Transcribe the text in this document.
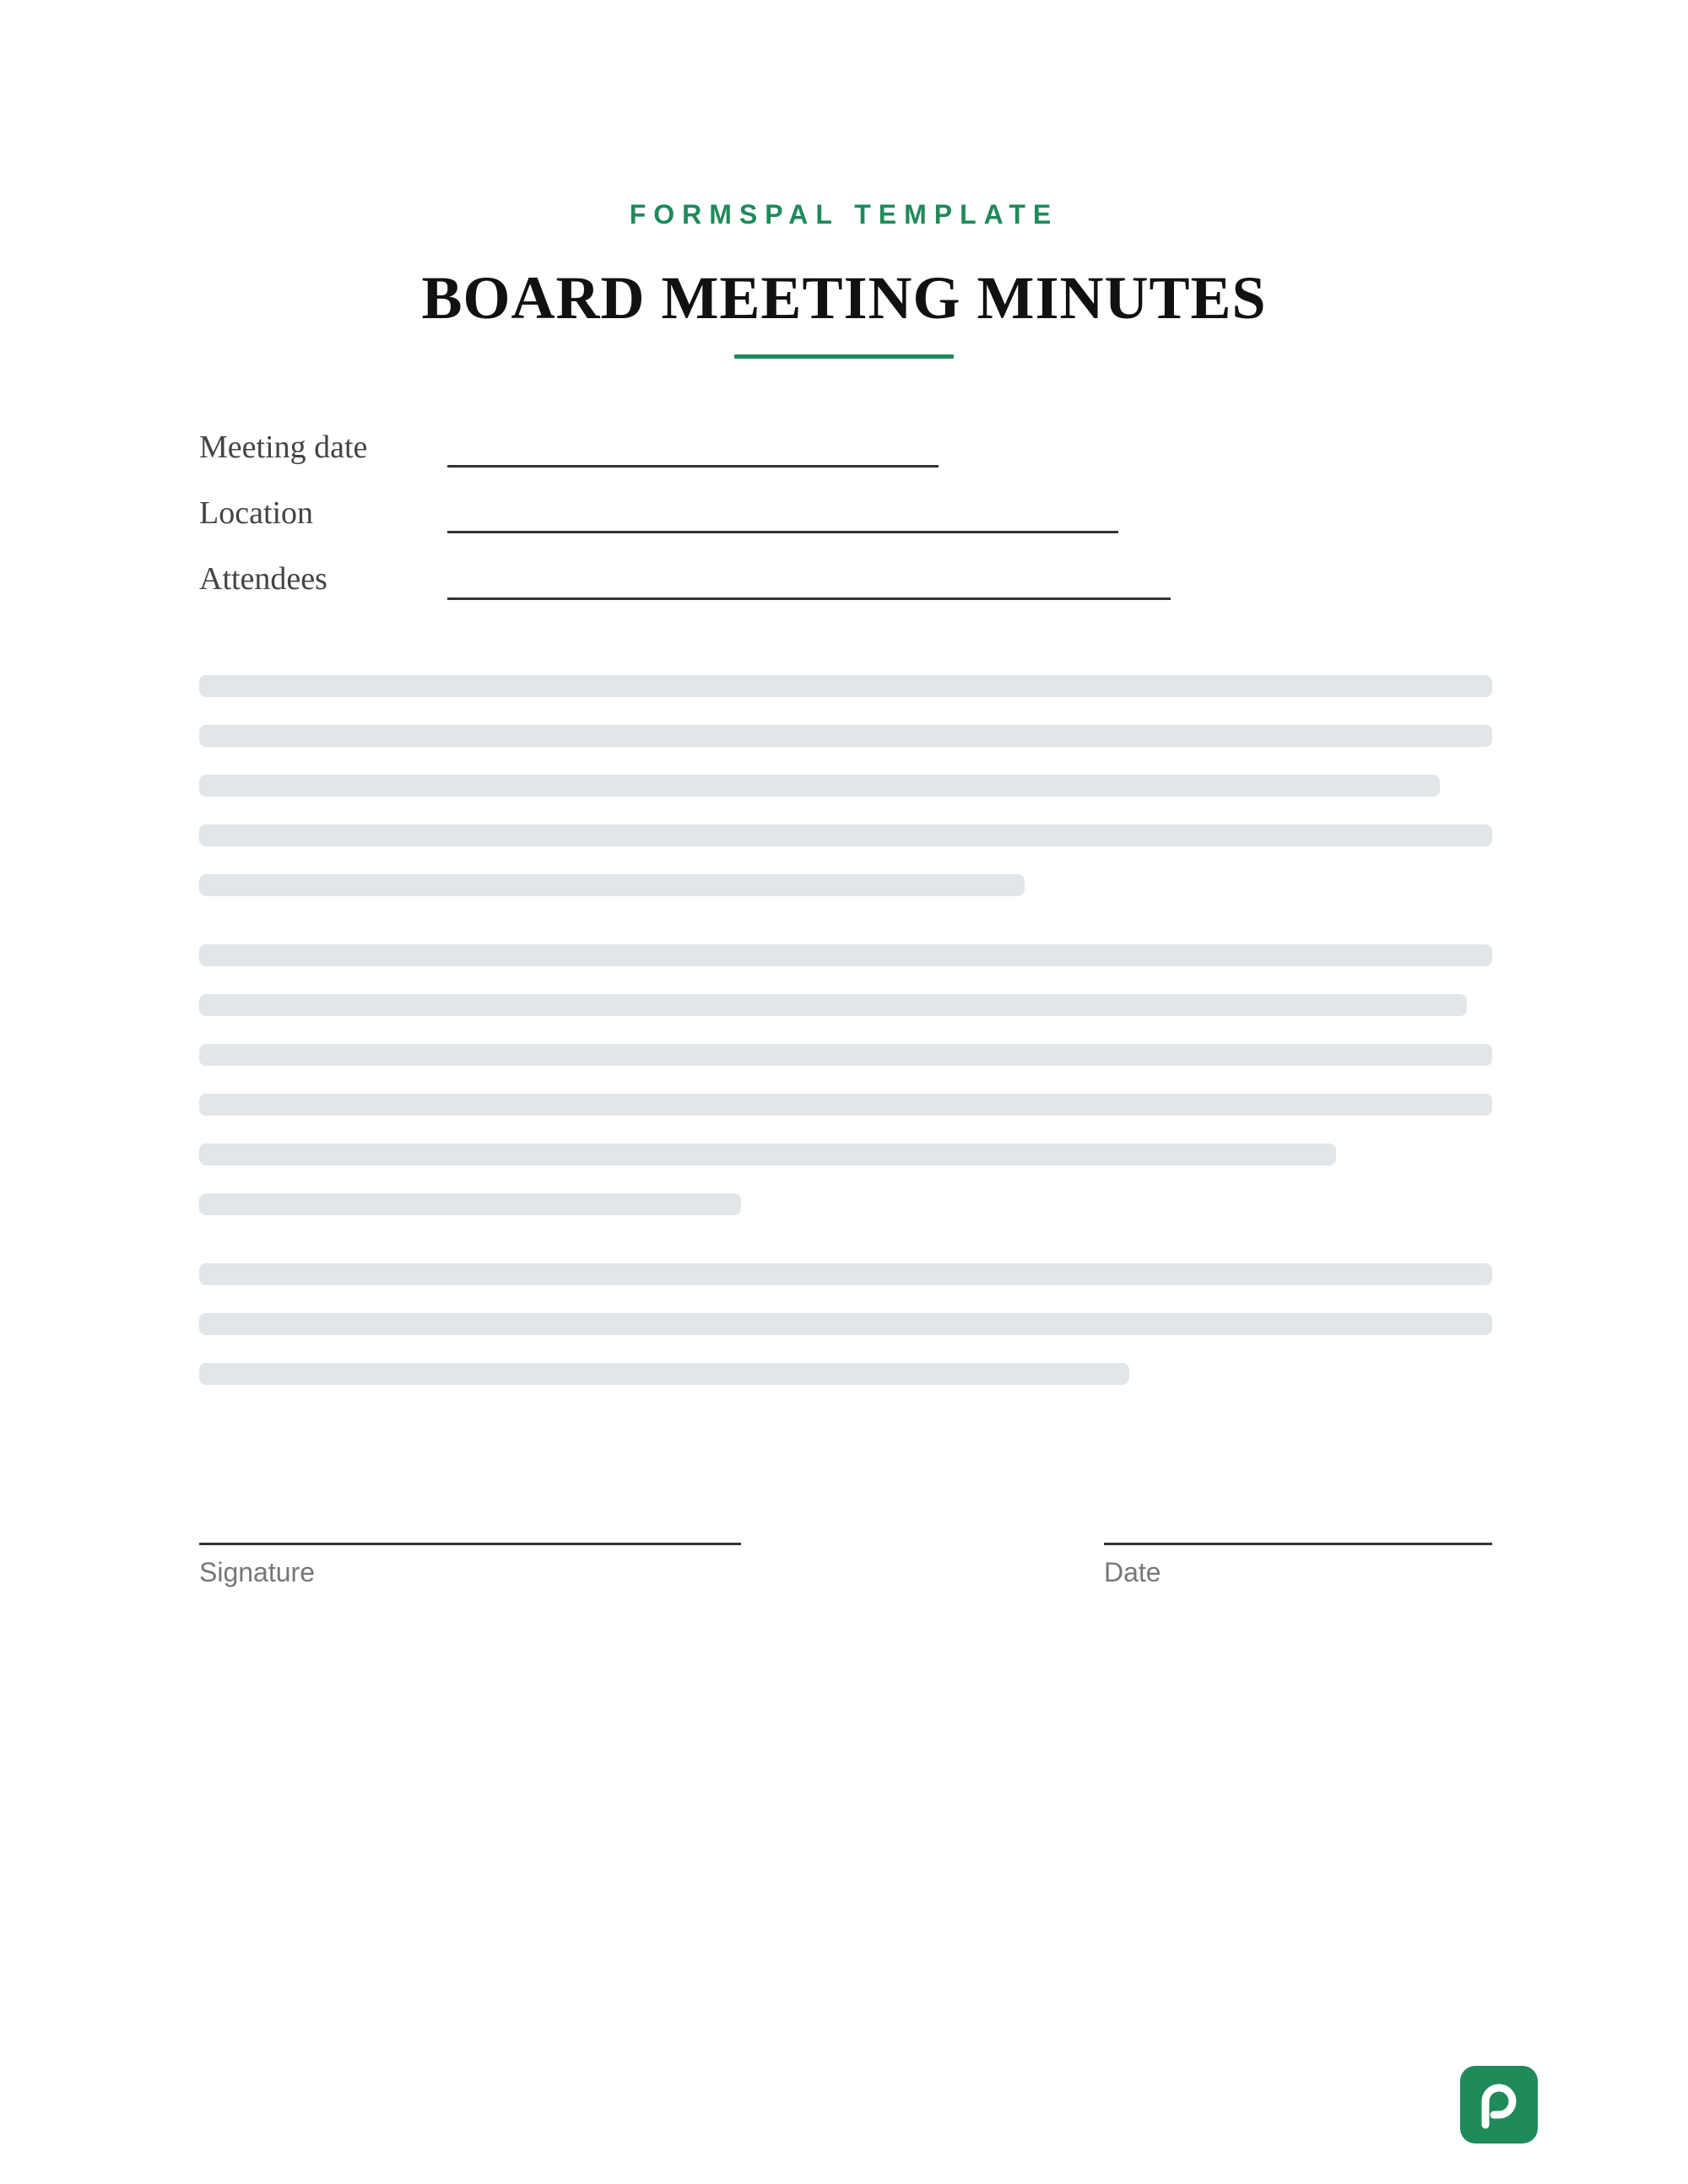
FORMSPAL TEMPLATE
BOARD MEETING MINUTES
Meeting date
Location
Attendees
Signature	Date
